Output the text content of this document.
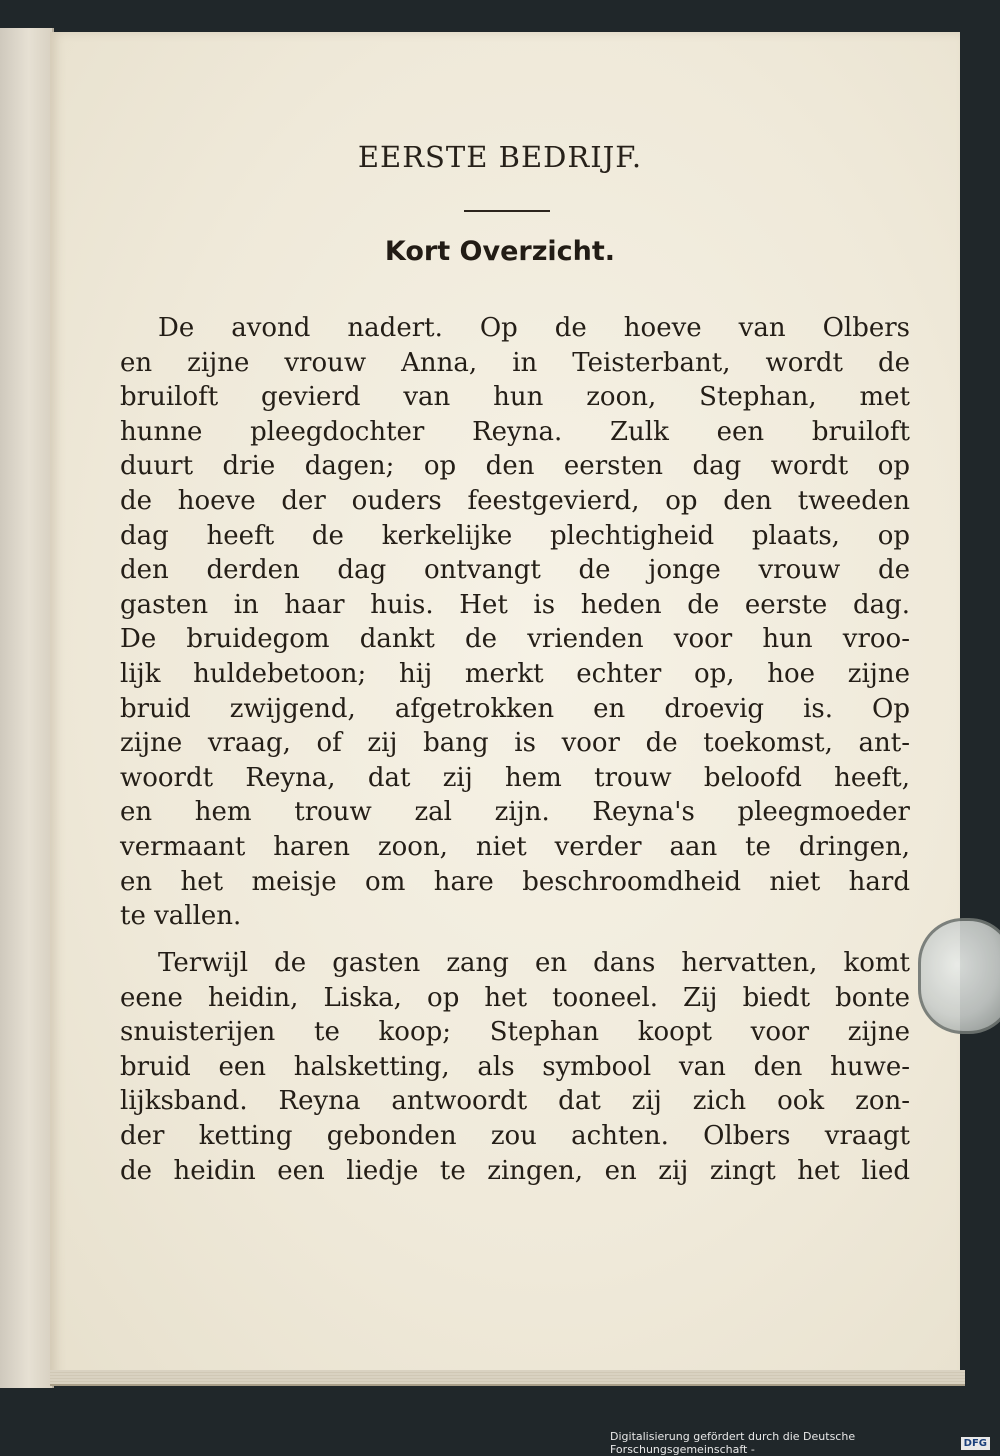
EERSTE BEDRIJF.
Kort Overzicht.
De avond nadert. Op de hoeve van Olbers
en zijne vrouw Anna, in Teisterbant, wordt de
bruiloft gevierd van hun zoon, Stephan, met
hunne pleegdochter Reyna. Zulk een bruiloft
duurt drie dagen; op den eersten dag wordt op
de hoeve der ouders feestgevierd, op den tweeden
dag heeft de kerkelijke plechtigheid plaats, op
den derden dag ontvangt de jonge vrouw de
gasten in haar huis. Het is heden de eerste dag.
De bruidegom dankt de vrienden voor hun vroo-
lijk huldebetoon; hij merkt echter op, hoe zijne
bruid zwijgend, afgetrokken en droevig is. Op
zijne vraag, of zij bang is voor de toekomst, ant-
woordt Reyna, dat zij hem trouw beloofd heeft,
en hem trouw zal zijn. Reyna's pleegmoeder
vermaant haren zoon, niet verder aan te dringen,
en het meisje om hare beschroomdheid niet hard
te vallen.
Terwijl de gasten zang en dans hervatten, komt
eene heidin, Liska, op het tooneel. Zij biedt bonte
snuisterijen te koop; Stephan koopt voor zijne
bruid een halsketting, als symbool van den huwe-
lijksband. Reyna antwoordt dat zij zich ook zon-
der ketting gebonden zou achten. Olbers vraagt
de heidin een liedje te zingen, en zij zingt het lied
Digitalisierung gefördert durch die Deutsche Forschungsgemeinschaft -	DFG
